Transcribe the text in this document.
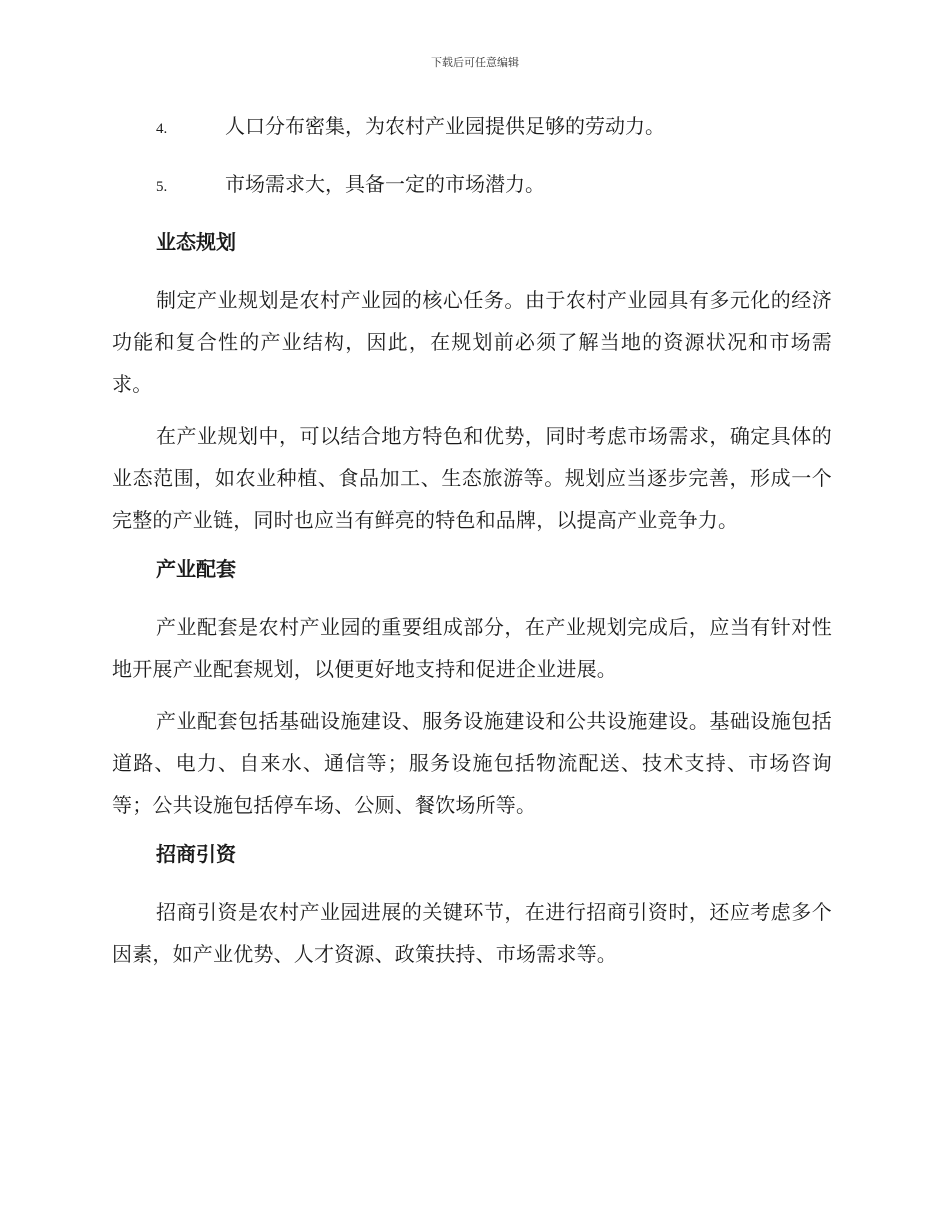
下载后可任意编辑
4.	人口分布密集，为农村产业园提供足够的劳动力。
5.	市场需求大，具备一定的市场潜力。
业态规划

制定产业规划是农村产业园的核心任务。由于农村产业园具有多元化的经济功能和复合性的产业结构，因此，在规划前必须了解当地的资源状况和市场需求。

在产业规划中，可以结合地方特色和优势，同时考虑市场需求，确定具体的业态范围，如农业种植、食品加工、生态旅游等。规划应当逐步完善，形成一个完整的产业链，同时也应当有鲜亮的特色和品牌，以提高产业竞争力。

产业配套

产业配套是农村产业园的重要组成部分，在产业规划完成后，应当有针对性地开展产业配套规划，以便更好地支持和促进企业进展。

产业配套包括基础设施建设、服务设施建设和公共设施建设。基础设施包括道路、电力、自来水、通信等；服务设施包括物流配送、技术支持、市场咨询等；公共设施包括停车场、公厕、餐饮场所等。

招商引资

招商引资是农村产业园进展的关键环节，在进行招商引资时，还应考虑多个因素，如产业优势、人才资源、政策扶持、市场需求等。
